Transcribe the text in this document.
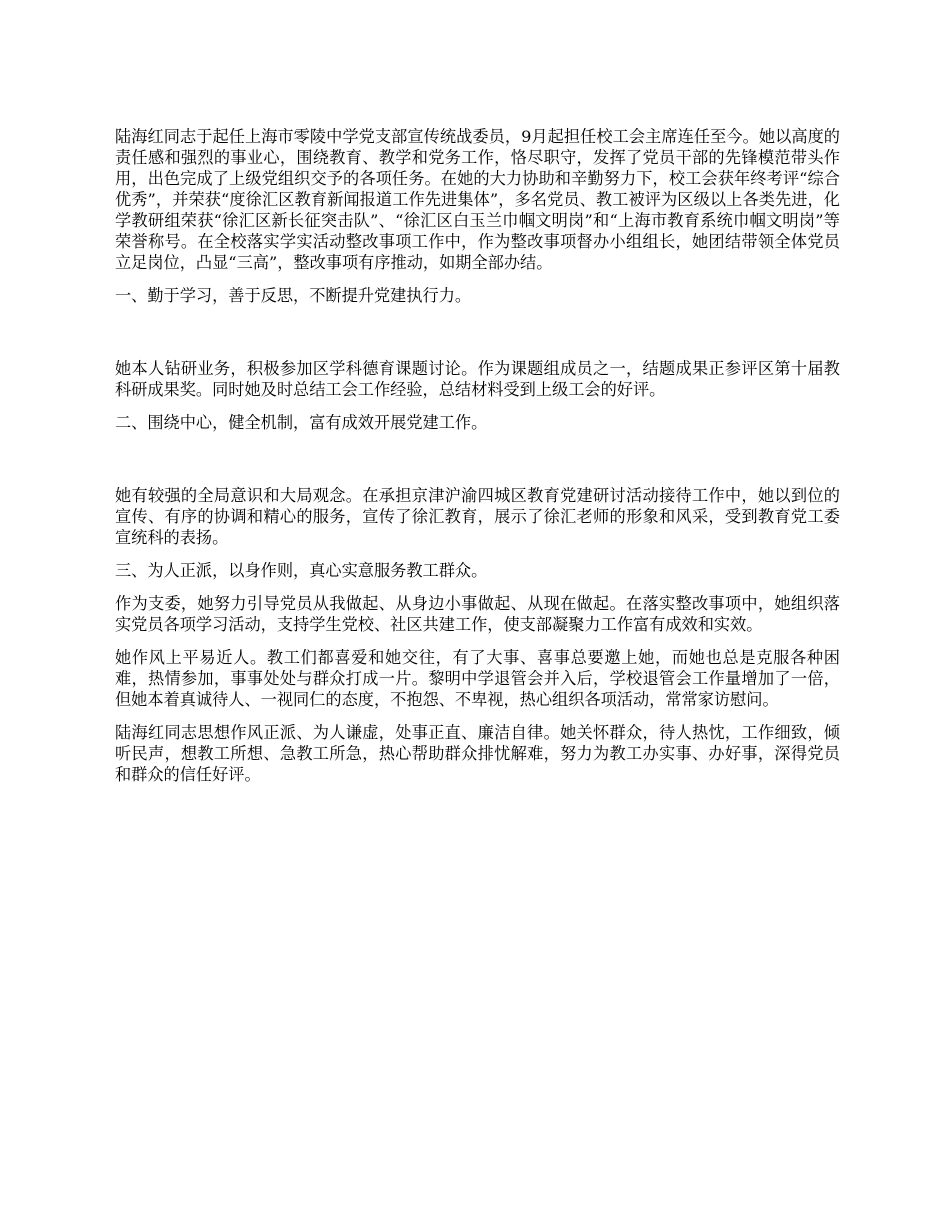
陆海红同志于起任上海市零陵中学党支部宣传统战委员，9月起担任校工会主席连任至今。她以高度的责任感和强烈的事业心，围绕教育、教学和党务工作，恪尽职守，发挥了党员干部的先锋模范带头作用，出色完成了上级党组织交予的各项任务。在她的大力协助和辛勤努力下，校工会获年终考评“综合优秀”，并荣获“度徐汇区教育新闻报道工作先进集体”，多名党员、教工被评为区级以上各类先进，化学教研组荣获“徐汇区新长征突击队”、“徐汇区白玉兰巾帼文明岗”和“上海市教育系统巾帼文明岗”等荣誉称号。在全校落实学实活动整改事项工作中，作为整改事项督办小组组长，她团结带领全体党员立足岗位，凸显“三高”，整改事项有序推动，如期全部办结。

一、勤于学习，善于反思，不断提升党建执行力。

她本人钻研业务，积极参加区学科德育课题讨论。作为课题组成员之一，结题成果正参评区第十届教科研成果奖。同时她及时总结工会工作经验，总结材料受到上级工会的好评。

二、围绕中心，健全机制，富有成效开展党建工作。

她有较强的全局意识和大局观念。在承担京津沪渝四城区教育党建研讨活动接待工作中，她以到位的宣传、有序的协调和精心的服务，宣传了徐汇教育，展示了徐汇老师的形象和风采，受到教育党工委宣统科的表扬。

三、为人正派，以身作则，真心实意服务教工群众。

作为支委，她努力引导党员从我做起、从身边小事做起、从现在做起。在落实整改事项中，她组织落实党员各项学习活动，支持学生党校、社区共建工作，使支部凝聚力工作富有成效和实效。

她作风上平易近人。教工们都喜爱和她交往，有了大事、喜事总要邀上她，而她也总是克服各种困难，热情参加，事事处处与群众打成一片。黎明中学退管会并入后，学校退管会工作量增加了一倍，但她本着真诚待人、一视同仁的态度，不抱怨、不卑视，热心组织各项活动，常常家访慰问。

陆海红同志思想作风正派、为人谦虚，处事正直、廉洁自律。她关怀群众，待人热忱，工作细致，倾听民声，想教工所想、急教工所急，热心帮助群众排忧解难，努力为教工办实事、办好事，深得党员和群众的信任好评。
